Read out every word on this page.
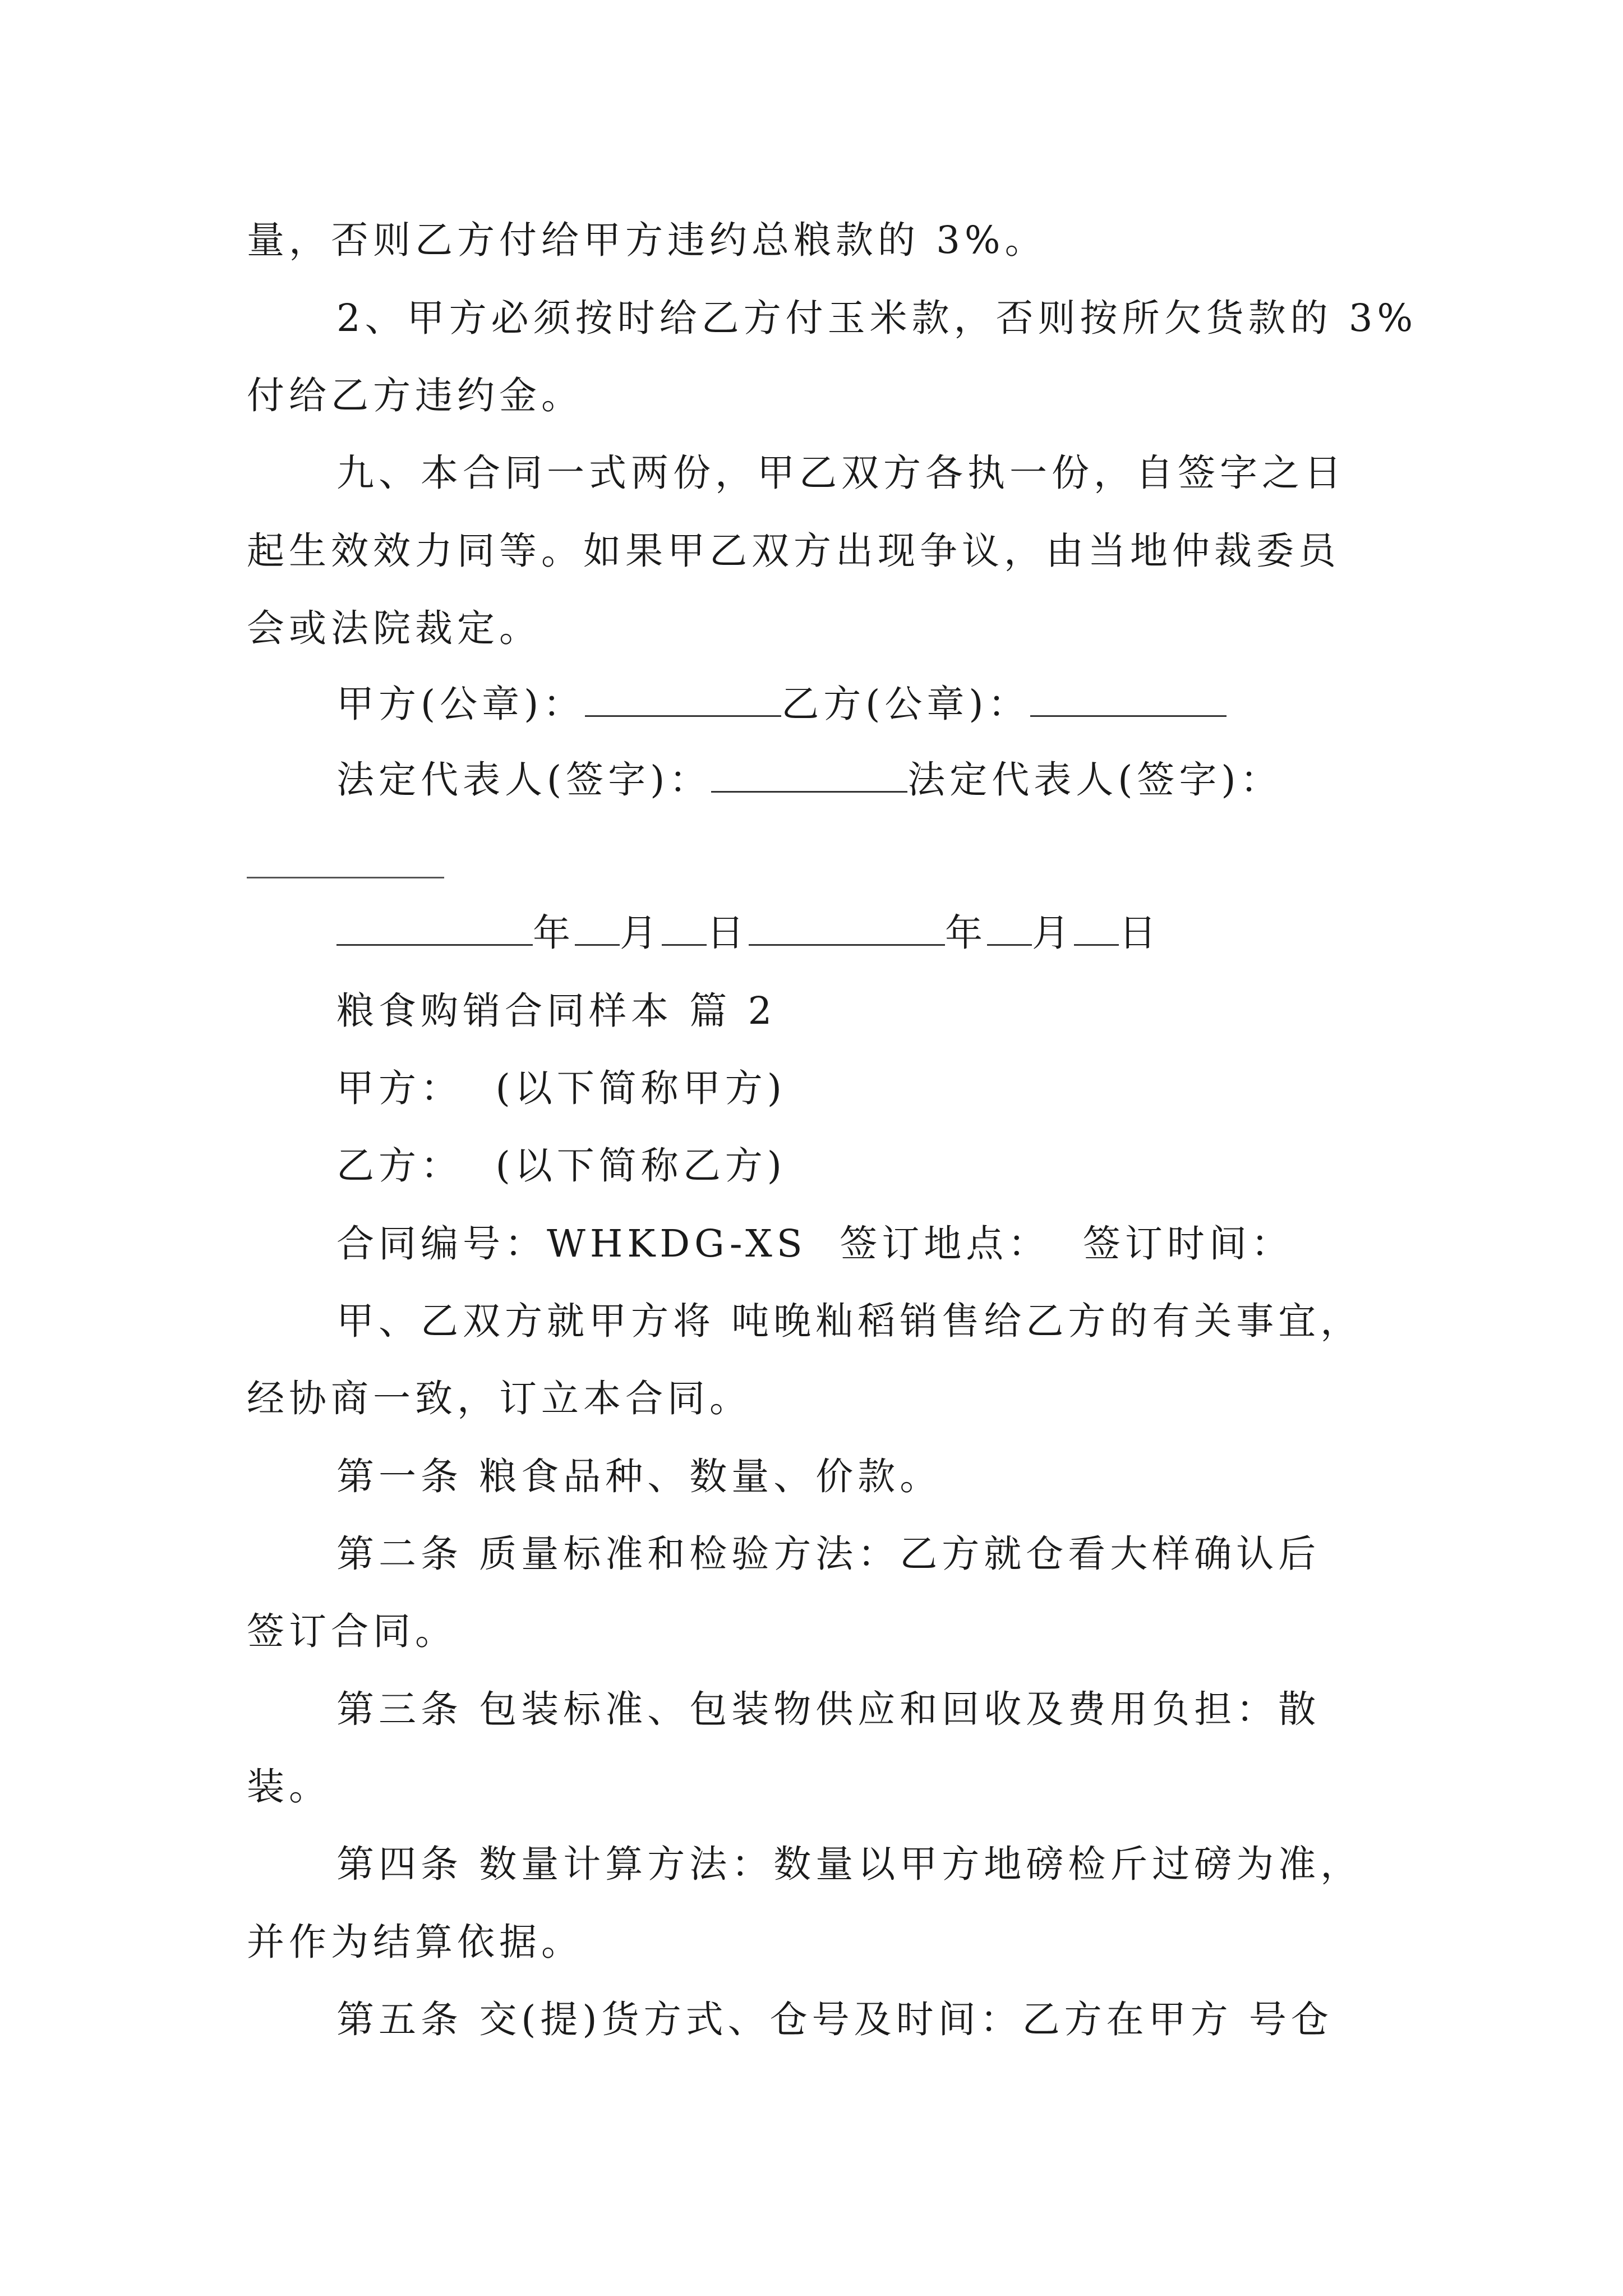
量，否则乙方付给甲方违约总粮款的 3%。
2、甲方必须按时给乙方付玉米款，否则按所欠货款的 3%
付给乙方违约金。
九、本合同一式两份，甲乙双方各执一份，自签字之日
起生效效力同等。如果甲乙双方出现争议，由当地仲裁委员
会或法院裁定。
甲方(公章)：	乙方(公章)：
法定代表人(签字)：	法定代表人(签字)：
年 月 日	年 月 日
粮食购销合同样本 篇 2
甲方：  (以下简称甲方)
乙方：  (以下简称乙方)
合同编号：WHKDG-XS  签订地点：  签订时间：
甲、乙双方就甲方将 吨晚籼稻销售给乙方的有关事宜，
经协商一致，订立本合同。
第一条 粮食品种、数量、价款。
第二条 质量标准和检验方法：乙方就仓看大样确认后
签订合同。
第三条 包装标准、包装物供应和回收及费用负担：散
装。
第四条 数量计算方法：数量以甲方地磅检斤过磅为准，
并作为结算依据。
第五条 交(提)货方式、仓号及时间：乙方在甲方 号仓
